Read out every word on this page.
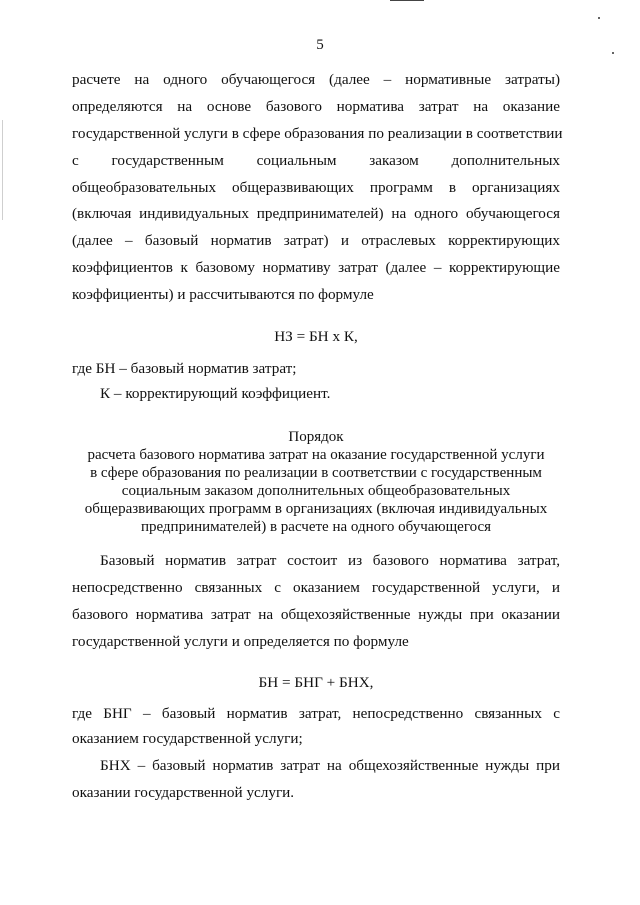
5
расчете на одного обучающегося (далее – нормативные затраты)
определяются на основе базового норматива затрат на оказание
государственной услуги в сфере образования по реализации в соответствии
с государственным социальным заказом дополнительных
общеобразовательных общеразвивающих программ в организациях
(включая индивидуальных предпринимателей) на одного обучающегося
(далее – базовый норматив затрат) и отраслевых корректирующих
коэффициентов к базовому нормативу затрат (далее – корректирующие
коэффициенты) и рассчитываются по формуле
НЗ = БН х К,
где БН – базовый норматив затрат;
К – корректирующий коэффициент.
Порядок
расчета базового норматива затрат на оказание государственной услуги
в сфере образования по реализации в соответствии с государственным
социальным заказом дополнительных общеобразовательных
общеразвивающих программ в организациях (включая индивидуальных
предпринимателей) в расчете на одного обучающегося
Базовый норматив затрат состоит из базового норматива затрат,
непосредственно связанных с оказанием государственной услуги, и
базового норматива затрат на общехозяйственные нужды при оказании
государственной услуги и определяется по формуле
БН = БНГ + БНХ,
где БНГ – базовый норматив затрат, непосредственно связанных с
оказанием государственной услуги;
БНХ – базовый норматив затрат на общехозяйственные нужды при
оказании государственной услуги.
